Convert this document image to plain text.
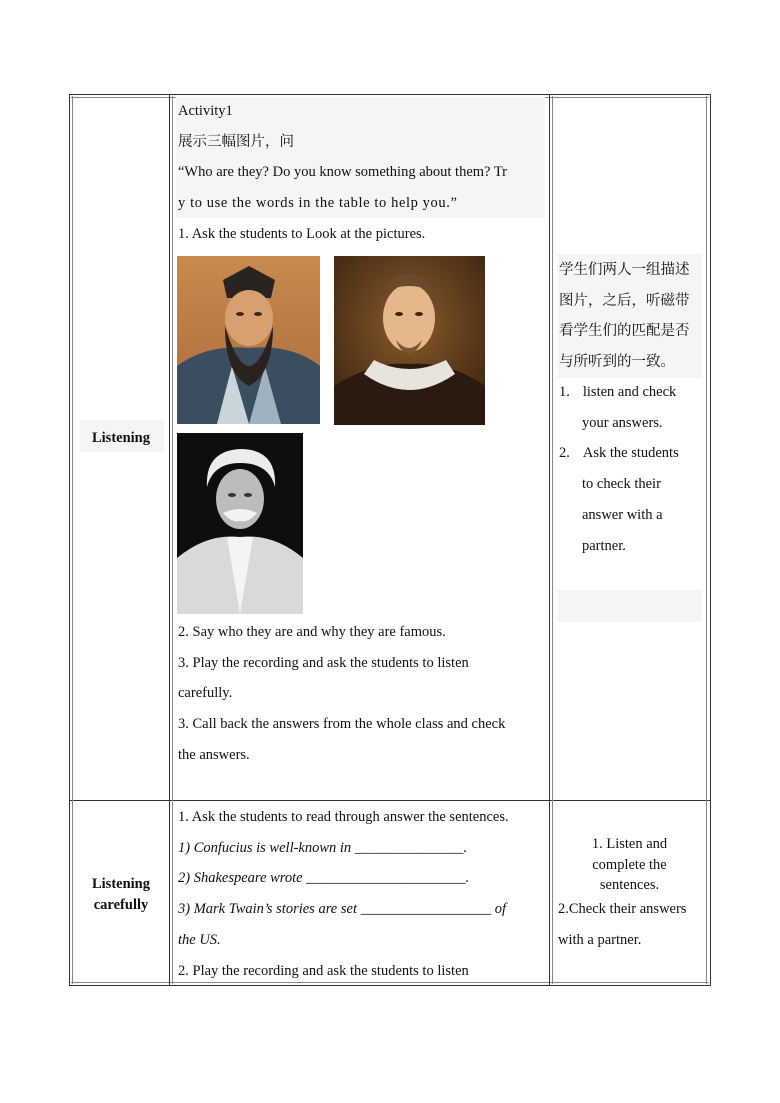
Listening
Activity1
展示三幅图片，问
“Who are they? Do you know something about them? Tr
y to use the words in the table to help you.”
1. Ask the students to Look at the pictures.
2. Say who they are and why they are famous.
3. Play the recording and ask the students to listen
carefully.
3. Call back the answers from the whole class and check
the answers.
学生们两人一组描述
图片，之后，听磁带
看学生们的匹配是否
与所听到的一致。
1. listen and check
your answers.
2. Ask the students
to check their
answer with a
partner.
Listening
carefully
1. Ask the students to read through answer the sentences.
1) Confucius is well-known in _______________.
2) Shakespeare wrote ______________________.
3) Mark Twain’s stories are set __________________ of
the US.
2. Play the recording and ask the students to listen
1. Listen and
complete the
sentences.
2.Check their answers
with a partner.
